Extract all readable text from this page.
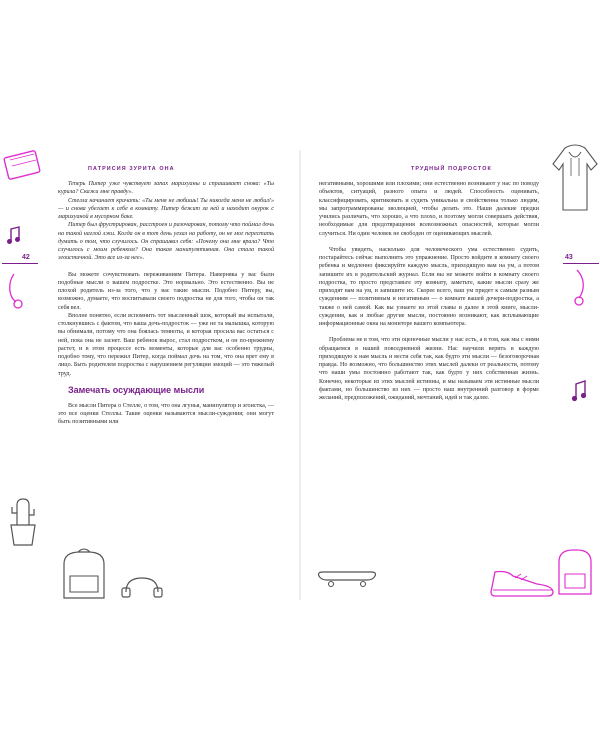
ПАТРИСИЯ ЗУРИТА ОНА
42

Теперь Питер уже чувствует запах марихуаны и спрашивает снова: «Ты курила? Скажи мне правду».

Стелла начинает кричать: «Ты меня не любишь! Ты никогда меня не любил!» — и снова убегает к себе в комнату. Питер бежит за ней и находит окурок с марихуаной в мусорном баке.

Питер был фрустрирован, расстроен и разочарован, потому что поймал дочь на такой наглой лжи. Когда он в тот день уехал на работу, он не мог перестать думать о том, что случилось. Он спрашивал себя: «Почему она мне врала? Что случилось с моим ребенком? Она такая манипулятивная. Она стала такой эгоистичной. Это все из-за нее».

Вы можете сочувствовать переживаниям Питера. Наверняка у вас были подобные мысли о вашем подростке. Это нормально. Это естественно. Вы не плохой родитель из-за того, что у вас такие мысли. Подобно Питеру, вы, возможно, думаете, что воспитывали своего подростка не для того, чтобы он так себя вел.

Вполне понятно, если вспомнить тот мысленный шок, который вы испытали, столкнувшись с фактом, что ваша дочь-подросток — уже не та малышка, которую вы обнимали, потому что она боялась темноты, и которая просила вас остаться с ней, пока она не заснет. Ваш ребенок вырос, стал подростком, и он по-прежнему растет, и в этом процессе есть моменты, которые для вас особенно трудны, подобно тому, что пережил Питер, когда поймал дочь на том, что она врет ему в лицо. Быть родителем подростка с нарушением регуляции эмоций — это тяжелый труд.

Замечать осуждающие мысли

Все мысли Питера о Стелле, о том, что она лгунья, манипулятор и эгоистка, — это все оценки Стеллы. Такие оценки называются мысли-суждения; они могут быть позитивными или

ТРУДНЫЙ ПОДРОСТОК
43

негативными, хорошими или плохими; они естественно возникают у нас по поводу объектов, ситуаций, разного опыта и людей. Способность оценивать, классифицировать, критиковать и судить уникальна и свойственна только людям, мы запрограммированы эволюцией, чтобы делать это. Наши далекие предки учились различать, что хорошо, а что плохо, и поэтому могли совершать действия, необходимые для предотвращения всевозможных опасностей, которые могли случиться. Ни один человек не свободен от оценивающих мыслей.

Чтобы увидеть, насколько для человеческого ума естественно судить, постарайтесь сейчас выполнить это упражнение. Просто войдите в комнату своего ребенка и медленно фиксируйте каждую мысль, приходящую вам на ум, а потом запишите их в родительский журнал. Если вы не можете войти в комнату своего подростка, то просто представьте эту комнату, заметьте, какие мысли сразу же приходят вам на ум, и запишите их. Скорее всего, ваш ум придет к самым разным суждениям — позитивным и негативным — о комнате вашей дочери-подростка, а также о ней самой. Как вы узнаете из этой главы и далее в этой книге, мысли-суждения, как и любые другие мысли, постоянно возникают, как всплывающие информационные окна на мониторе вашего компьютера.

Проблема не в том, что эти оценочные мысли у нас есть, а в том, как мы с ними обращаемся в нашей повседневной жизни. Нас научили верить в каждую приходящую к нам мысль и вести себя так, как будто эти мысли — безоговорочная правда. Но возможно, что большинство этих мыслей далеки от реальности, потому что наши умы постоянно работают так, как будто у них собственная жизнь. Конечно, некоторые из этих мыслей истинны, и мы называем эти истинные мысли фактами, но большинство из них — просто наш внутренний разговор в форме желаний, предположений, ожиданий, мечтаний, идей и так далее.
